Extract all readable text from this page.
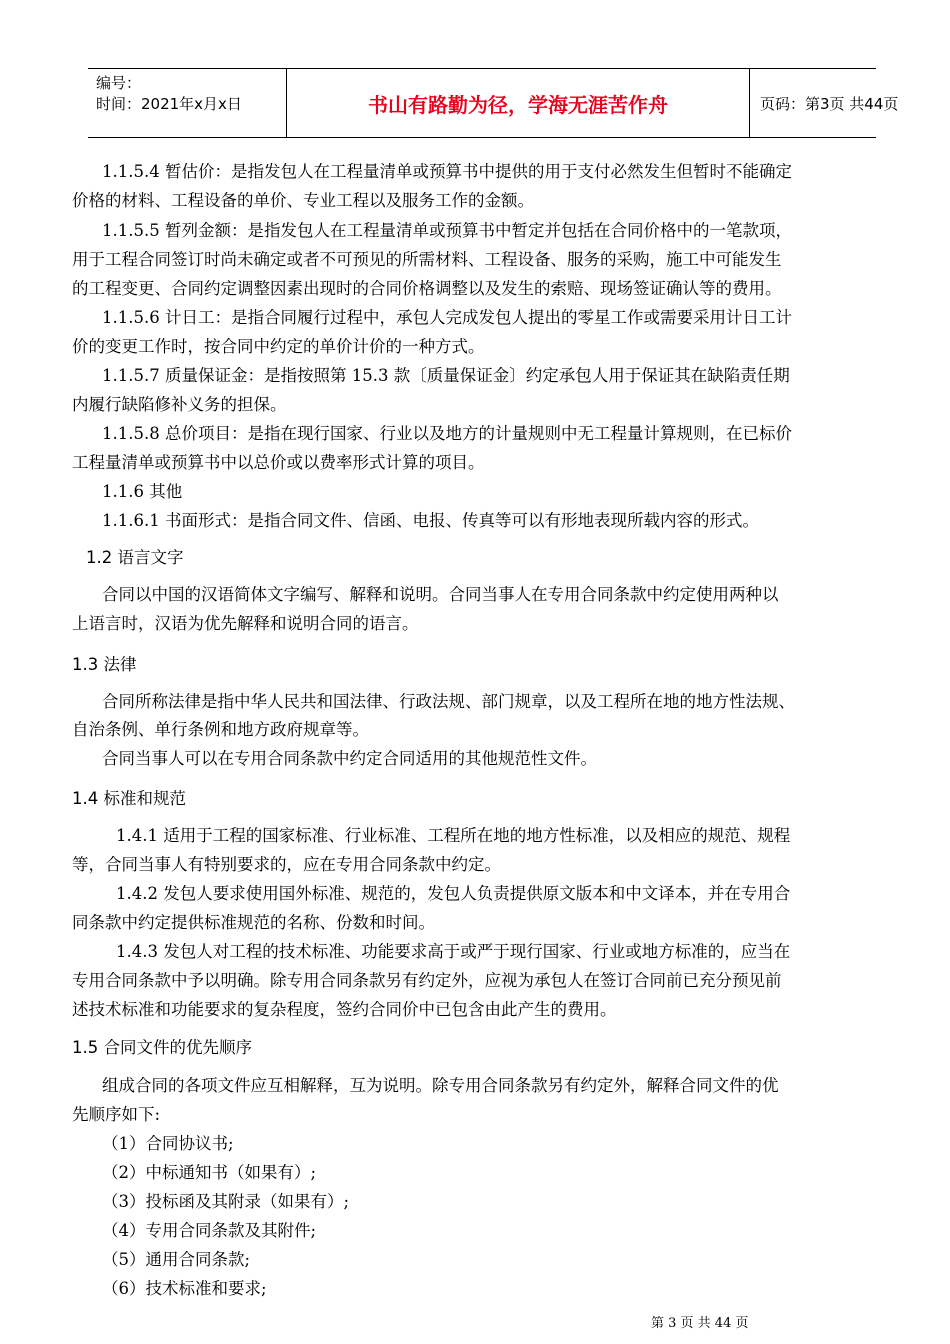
编号：
时间：2021年x月x日	书山有路勤为径，学海无涯苦作舟	页码：第3页 共44页
1.1.5.4 暂估价：是指发包人在工程量清单或预算书中提供的用于支付必然发生但暂时不能确定
价格的材料、工程设备的单价、专业工程以及服务工作的金额。
1.1.5.5 暂列金额：是指发包人在工程量清单或预算书中暂定并包括在合同价格中的一笔款项，
用于工程合同签订时尚未确定或者不可预见的所需材料、工程设备、服务的采购，施工中可能发生
的工程变更、合同约定调整因素出现时的合同价格调整以及发生的索赔、现场签证确认等的费用。
1.1.5.6 计日工：是指合同履行过程中，承包人完成发包人提出的零星工作或需要采用计日工计
价的变更工作时，按合同中约定的单价计价的一种方式。
1.1.5.7 质量保证金：是指按照第 15.3 款〔质量保证金〕约定承包人用于保证其在缺陷责任期
内履行缺陷修补义务的担保。
1.1.5.8 总价项目：是指在现行国家、行业以及地方的计量规则中无工程量计算规则，在已标价
工程量清单或预算书中以总价或以费率形式计算的项目。
1.1.6 其他
1.1.6.1 书面形式：是指合同文件、信函、电报、传真等可以有形地表现所载内容的形式。
1.2 语言文字
合同以中国的汉语简体文字编写、解释和说明。合同当事人在专用合同条款中约定使用两种以
上语言时，汉语为优先解释和说明合同的语言。
1.3 法律
合同所称法律是指中华人民共和国法律、行政法规、部门规章，以及工程所在地的地方性法规、
自治条例、单行条例和地方政府规章等。
合同当事人可以在专用合同条款中约定合同适用的其他规范性文件。
1.4 标准和规范
1.4.1 适用于工程的国家标准、行业标准、工程所在地的地方性标准，以及相应的规范、规程
等，合同当事人有特别要求的，应在专用合同条款中约定。
1.4.2 发包人要求使用国外标准、规范的，发包人负责提供原文版本和中文译本，并在专用合
同条款中约定提供标准规范的名称、份数和时间。
1.4.3 发包人对工程的技术标准、功能要求高于或严于现行国家、行业或地方标准的，应当在
专用合同条款中予以明确。除专用合同条款另有约定外，应视为承包人在签订合同前已充分预见前
述技术标准和功能要求的复杂程度，签约合同价中已包含由此产生的费用。
1.5 合同文件的优先顺序
组成合同的各项文件应互相解释，互为说明。除专用合同条款另有约定外，解释合同文件的优
先顺序如下:
（1）合同协议书;
（2）中标通知书（如果有）;
（3）投标函及其附录（如果有）;
（4）专用合同条款及其附件;
（5）通用合同条款;
（6）技术标准和要求;
第 3 页 共 44 页
